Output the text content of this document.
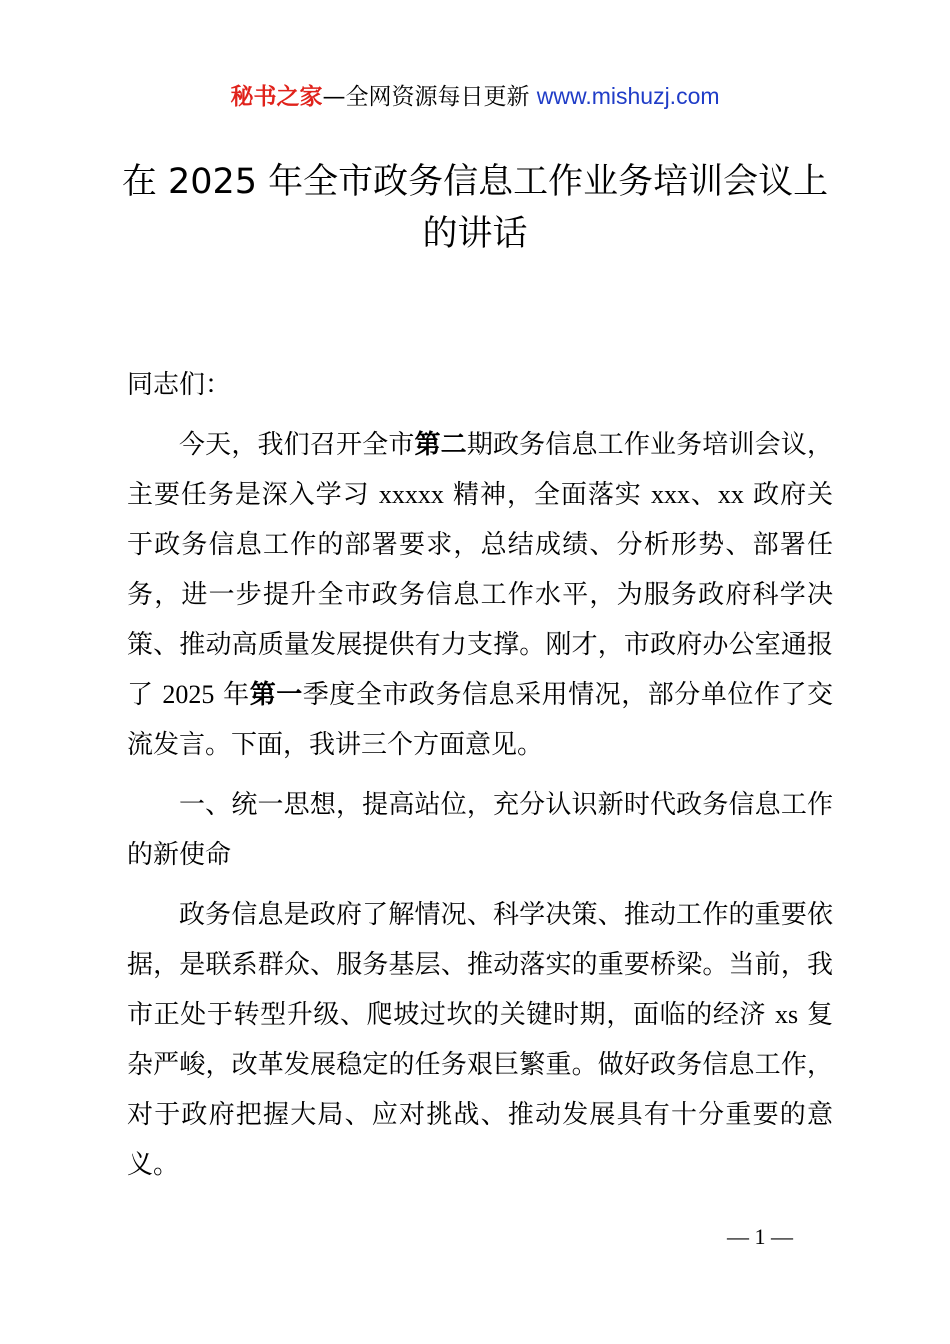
秘书之家—全网资源每日更新 www.mishuzj.com
在 2025 年全市政务信息工作业务培训会议上的讲话

同志们：

今天，我们召开全市第二期政务信息工作业务培训会议，主要任务是深入学习 xxxxx 精神，全面落实 xxx、xx 政府关于政务信息工作的部署要求，总结成绩、分析形势、部署任务，进一步提升全市政务信息工作水平，为服务政府科学决策、推动高质量发展提供有力支撑。刚才，市政府办公室通报了 2025 年第一季度全市政务信息采用情况，部分单位作了交流发言。下面，我讲三个方面意见。

一、统一思想，提高站位，充分认识新时代政务信息工作的新使命

政务信息是政府了解情况、科学决策、推动工作的重要依据，是联系群众、服务基层、推动落实的重要桥梁。当前，我市正处于转型升级、爬坡过坎的关键时期，面临的经济 xs 复杂严峻，改革发展稳定的任务艰巨繁重。做好政务信息工作，对于政府把握大局、应对挑战、推动发展具有十分重要的意义。

— 1 —
